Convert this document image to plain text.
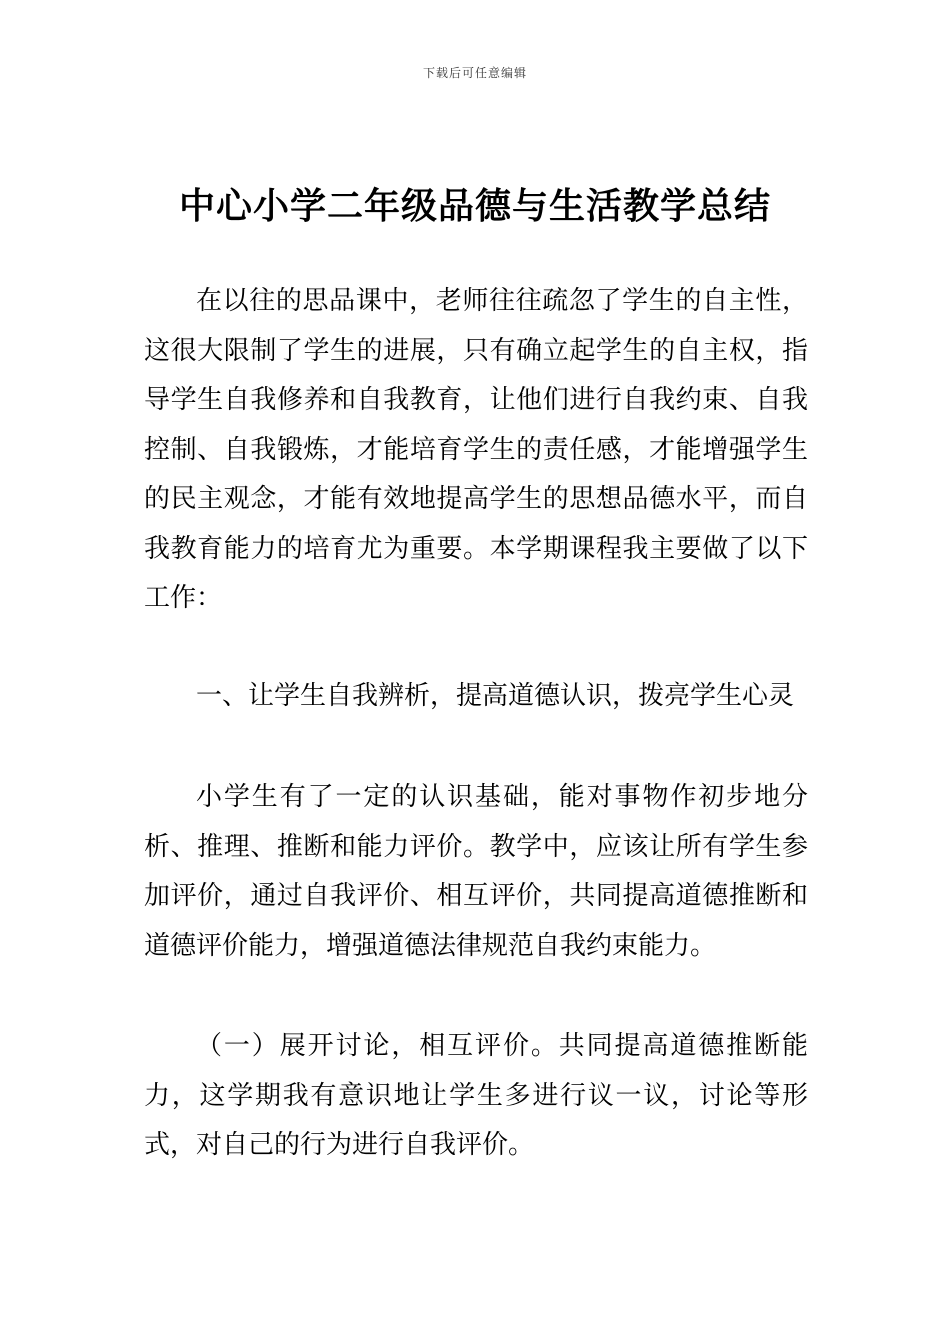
下载后可任意编辑
中心小学二年级品德与生活教学总结

在以往的思品课中，老师往往疏忽了学生的自主性，这很大限制了学生的进展，只有确立起学生的自主权，指导学生自我修养和自我教育，让他们进行自我约束、自我控制、自我锻炼，才能培育学生的责任感，才能增强学生的民主观念，才能有效地提高学生的思想品德水平，而自我教育能力的培育尤为重要。本学期课程我主要做了以下工作：

一、让学生自我辨析，提高道德认识，拨亮学生心灵

小学生有了一定的认识基础，能对事物作初步地分析、推理、推断和能力评价。教学中，应该让所有学生参加评价，通过自我评价、相互评价，共同提高道德推断和道德评价能力，增强道德法律规范自我约束能力。

（一）展开讨论，相互评价。共同提高道德推断能力，这学期我有意识地让学生多进行议一议，讨论等形式，对自己的行为进行自我评价。
